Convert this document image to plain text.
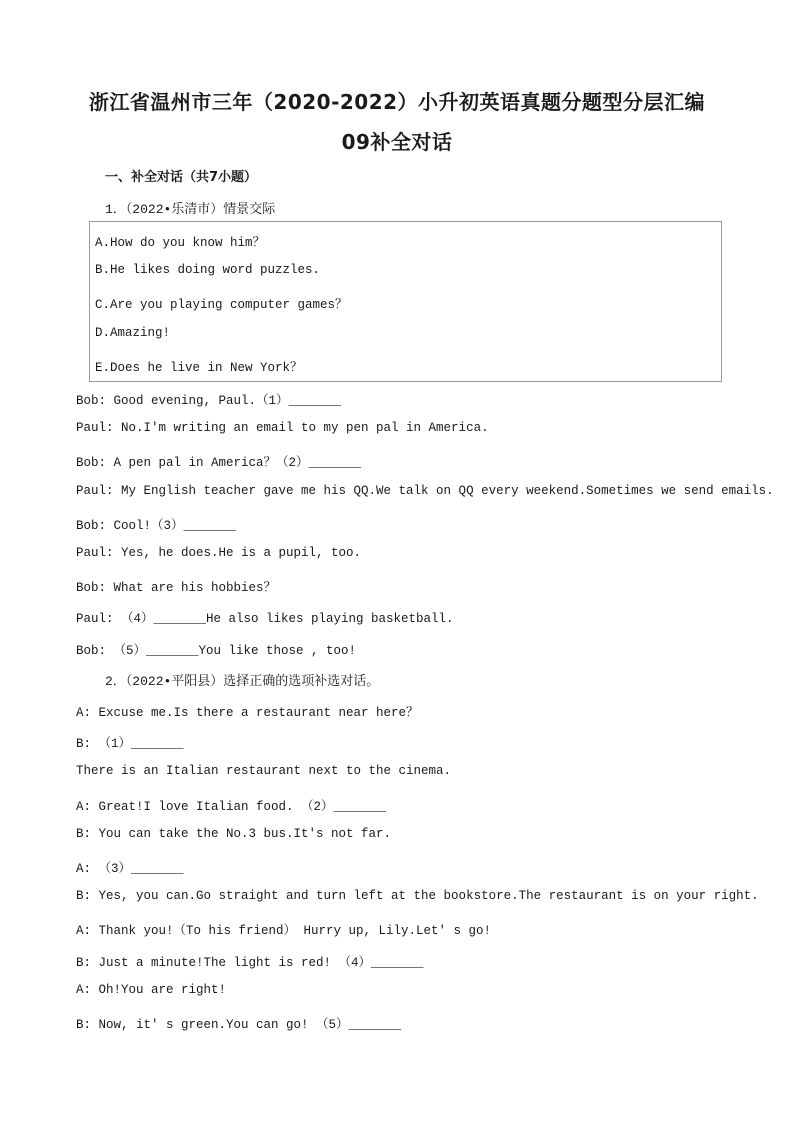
浙江省温州市三年（2020-2022）小升初英语真题分题型分层汇编
09补全对话
一、补全对话（共7小题）
1．（2022•乐清市）情景交际
A.How do you know him？
B.He likes doing word puzzles.
C.Are you playing computer games？
D.Amazing!
E.Does he live in New York？
Bob: Good evening, Paul.（1）_______
Paul: No.I'm writing an email to my pen pal in America.
Bob: A pen pal in America？（2）_______
Paul: My English teacher gave me his QQ.We talk on QQ every weekend.Sometimes we send emails.
Bob: Cool!（3）_______
Paul: Yes, he does.He is a pupil, too.
Bob: What are his hobbies？
Paul: （4）_______He also likes playing basketball.
Bob: （5）_______You like those , too!
2．（2022•平阳县）选择正确的选项补选对话。
A: Excuse me.Is there a restaurant near here？
B: （1）_______
There is an Italian restaurant next to the cinema.
A: Great!I love Italian food. （2）_______
B: You can take the No.3 bus.It's not far.
A: （3）_______
B: Yes, you can.Go straight and turn left at the bookstore.The restaurant is on your right.
A: Thank you!（To his friend） Hurry up, Lily.Let' s go!
B: Just a minute!The light is red! （4）_______
A: Oh!You are right!
B: Now, it' s green.You can go! （5）_______
